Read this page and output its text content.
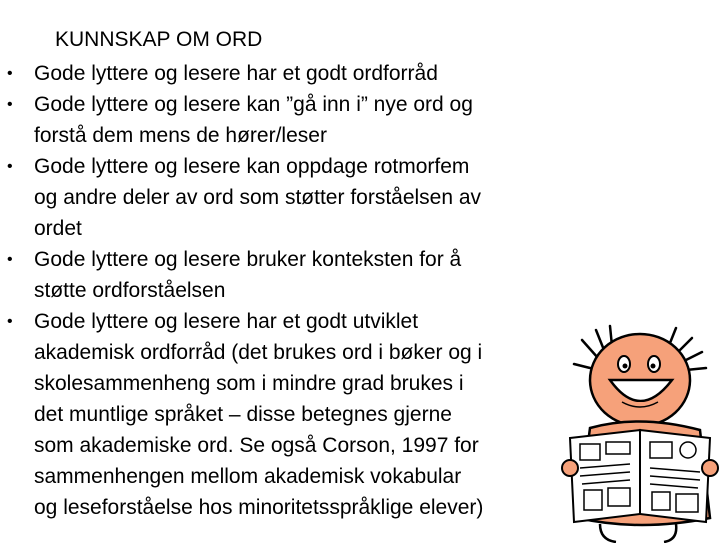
KUNNSKAP OM ORD
• Gode lyttere og lesere har et godt ordforråd
• Gode lyttere og lesere kan ”gå inn i” nye ord og
forstå dem mens de hører/leser
• Gode lyttere og lesere kan oppdage rotmorfem
og andre deler av ord som støtter forståelsen av
ordet
• Gode lyttere og lesere bruker konteksten for å
støtte ordforståelsen
• Gode lyttere og lesere har et godt utviklet
akademisk ordforråd (det brukes ord i bøker og i
skolesammenheng som i mindre grad brukes i
det muntlige språket – disse betegnes gjerne
som akademiske ord. Se også Corson, 1997 for
sammenhengen mellom akademisk vokabular
og leseforståelse hos minoritetsspråklige elever)
